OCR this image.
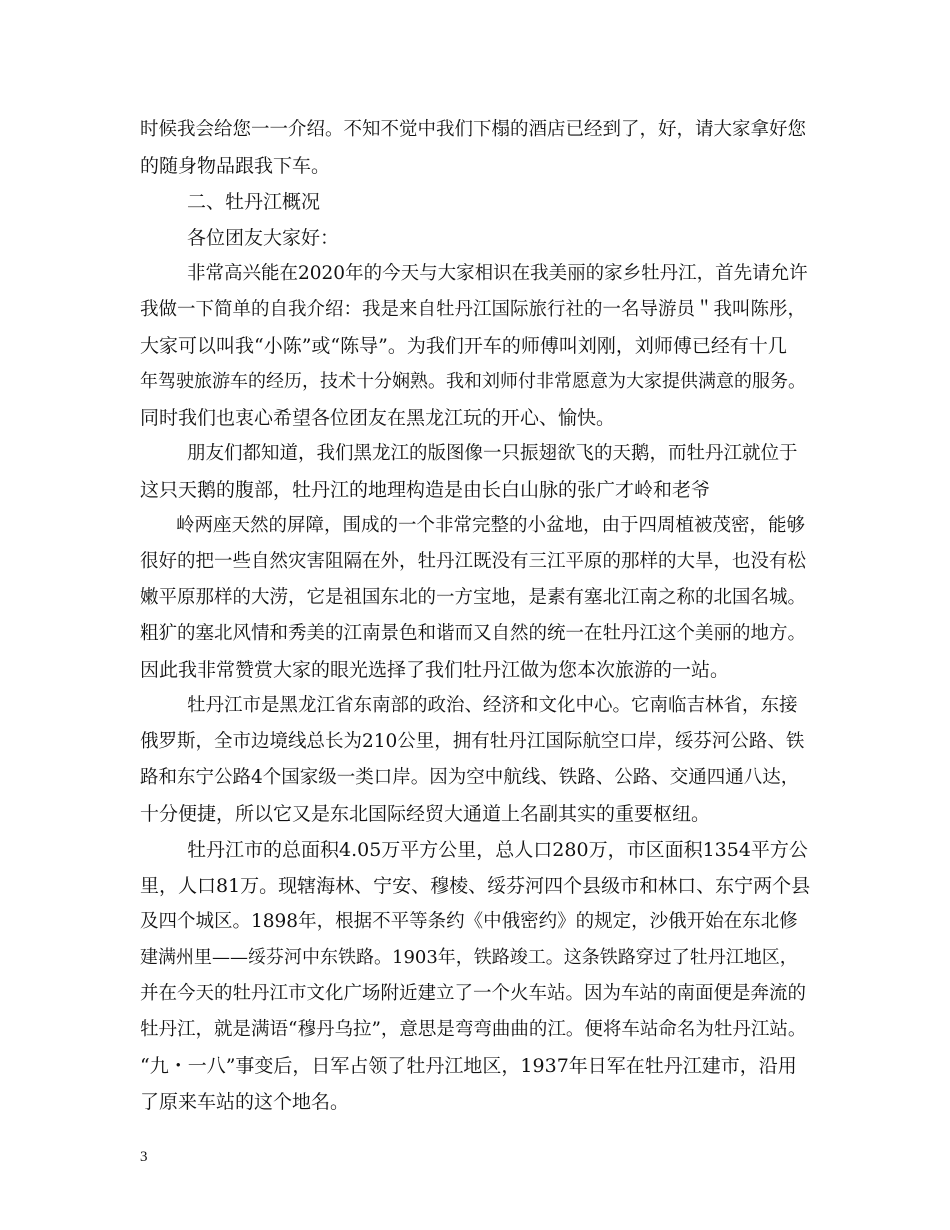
时候我会给您一一介绍。不知不觉中我们下榻的酒店已经到了，好，请大家拿好您
的随身物品跟我下车。
二、牡丹江概况
各位团友大家好：
非常高兴能在2020年的今天与大家相识在我美丽的家乡牡丹江，首先请允许
我做一下简单的自我介绍：我是来自牡丹江国际旅行社的一名导游员＂我叫陈彤，
大家可以叫我“小陈”或“陈导”。为我们开车的师傅叫刘刚，刘师傅已经有十几
年驾驶旅游车的经历，技术十分娴熟。我和刘师付非常愿意为大家提供满意的服务。
同时我们也衷心希望各位团友在黑龙江玩的开心、愉快。
朋友们都知道，我们黑龙江的版图像一只振翅欲飞的天鹅，而牡丹江就位于
这只天鹅的腹部，牡丹江的地理构造是由长白山脉的张广才岭和老爷
岭两座天然的屏障，围成的一个非常完整的小盆地，由于四周植被茂密，能够
很好的把一些自然灾害阻隔在外，牡丹江既没有三江平原的那样的大旱，也没有松
嫩平原那样的大涝，它是祖国东北的一方宝地，是素有塞北江南之称的北国名城。
粗犷的塞北风情和秀美的江南景色和谐而又自然的统一在牡丹江这个美丽的地方。
因此我非常赞赏大家的眼光选择了我们牡丹江做为您本次旅游的一站。
牡丹江市是黑龙江省东南部的政治、经济和文化中心。它南临吉林省，东接
俄罗斯，全市边境线总长为210公里，拥有牡丹江国际航空口岸，绥芬河公路、铁
路和东宁公路4个国家级一类口岸。因为空中航线、铁路、公路、交通四通八达，
十分便捷，所以它又是东北国际经贸大通道上名副其实的重要枢纽。
牡丹江市的总面积4.05万平方公里，总人口280万，市区面积1354平方公
里，人口81万。现辖海林、宁安、穆棱、绥芬河四个县级市和林口、东宁两个县
及四个城区。1898年，根据不平等条约《中俄密约》的规定，沙俄开始在东北修
建满州里——绥芬河中东铁路。1903年，铁路竣工。这条铁路穿过了牡丹江地区，
并在今天的牡丹江市文化广场附近建立了一个火车站。因为车站的南面便是奔流的
牡丹江，就是满语“穆丹乌拉”，意思是弯弯曲曲的江。便将车站命名为牡丹江站。
“九・一八”事变后，日军占领了牡丹江地区，1937年日军在牡丹江建市，沿用
了原来车站的这个地名。
3
